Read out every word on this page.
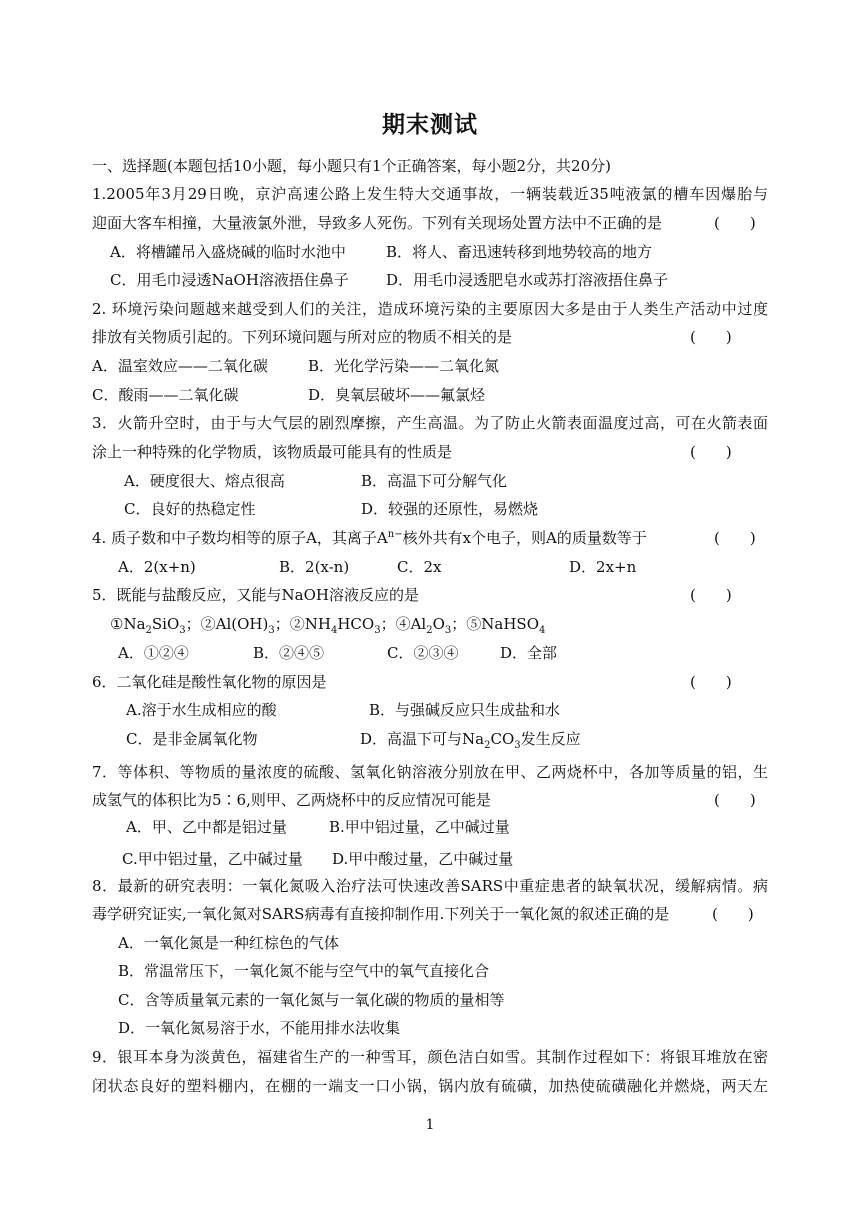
期末测试
一、选择题(本题包括10小题，每小题只有1个正确答案，每小题2分，共20分)
1.2005年3月29日晚，京沪高速公路上发生特大交通事故，一辆装载近35吨液氯的槽车因爆胎与
迎面大客车相撞，大量液氯外泄，导致多人死伤。下列有关现场处置方法中不正确的是	(　　)
A．将槽罐吊入盛烧碱的临时水池中	B．将人、畜迅速转移到地势较高的地方
C．用毛巾浸透NaOH溶液捂住鼻子 D．用毛巾浸透肥皂水或苏打溶液捂住鼻子
2. 环境污染问题越来越受到人们的关注，造成环境污染的主要原因大多是由于人类生产活动中过度
排放有关物质引起的。下列环境问题与所对应的物质不相关的是	(　　)
A．温室效应——二氧化碳	B．光化学污染——二氧化氮
C．酸雨——二氧化碳	D．臭氧层破坏——氟氯烃
3．火箭升空时，由于与大气层的剧烈摩擦，产生高温。为了防止火箭表面温度过高，可在火箭表面
涂上一种特殊的化学物质，该物质最可能具有的性质是	(　　)
A．硬度很大、熔点很高	B．高温下可分解气化
C．良好的热稳定性	D．较强的还原性，易燃烧
4. 质子数和中子数均相等的原子A，其离子$A^{n-}$核外共有x个电子，则A的质量数等于	(　　)
A．2(x+n)	B．2(x-n)	C．2x	D．2x+n
5．既能与盐酸反应，又能与NaOH溶液反应的是	(　　)
$①Na_2SiO_3$；$②Al(OH)_3$；$②NH_4HCO_3$；$④Al_2O_3$；⑤NaHSO$_4$
A．①②④	B．②④⑤	C．②③④	D．全部
6．二氧化硅是酸性氧化物的原因是	(　　)
A.溶于水生成相应的酸	B．与强碱反应只生成盐和水
C．是非金属氧化物	D．高温下可与$Na_2CO_3$发生反应
7．等体积、等物质的量浓度的硫酸、氢氧化钠溶液分别放在甲、乙两烧杯中，各加等质量的铝，生
成氢气的体积比为5∶6,则甲、乙两烧杯中的反应情况可能是	(　　)
A．甲、乙中都是铝过量	B.甲中铝过量，乙中碱过量
C.甲中铝过量，乙中碱过量 D.甲中酸过量，乙中碱过量
8．最新的研究表明：一氧化氮吸入治疗法可快速改善SARS中重症患者的缺氧状况，缓解病情。病
毒学研究证实,一氧化氮对SARS病毒有直接抑制作用.下列关于一氧化氮的叙述正确的是	(　　)
A．一氧化氮是一种红棕色的气体
B．常温常压下，一氧化氮不能与空气中的氧气直接化合
C．含等质量氧元素的一氧化氮与一氧化碳的物质的量相等
D．一氧化氮易溶于水，不能用排水法收集
9．银耳本身为淡黄色，福建省生产的一种雪耳，颜色洁白如雪。其制作过程如下：将银耳堆放在密
闭状态良好的塑料棚内，在棚的一端支一口小锅，锅内放有硫磺，加热使硫磺融化并燃烧，两天左
1
